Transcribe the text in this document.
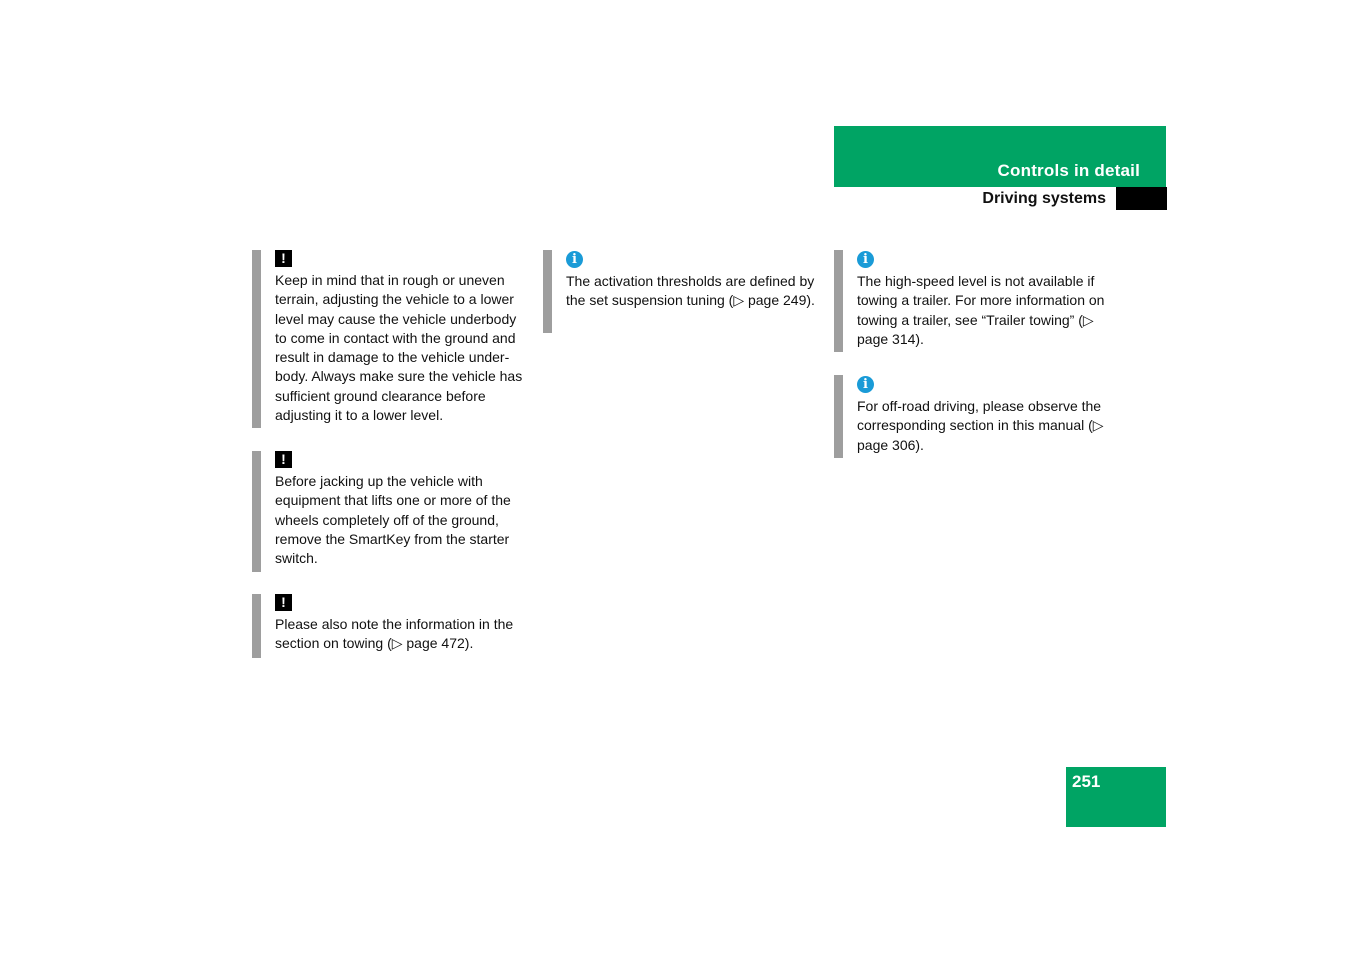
Controls in detail
Driving systems
!
Keep in mind that in rough or uneven terrain, adjusting the vehicle to a lower level may cause the vehicle underbody to come in contact with the ground and result in damage to the vehicle under-body. Always make sure the vehicle has sufficient ground clearance before adjusting it to a lower level.
!
Before jacking up the vehicle with equipment that lifts one or more of the wheels completely off of the ground, remove the SmartKey from the starter switch.
!
Please also note the information in the section on towing (▷ page 472).
i
The activation thresholds are defined by the set suspension tuning (▷ page 249).
i
The high-speed level is not available if towing a trailer. For more information on towing a trailer, see “Trailer towing” (▷ page 314).
i
For off-road driving, please observe the corresponding section in this manual (▷ page 306).
251
